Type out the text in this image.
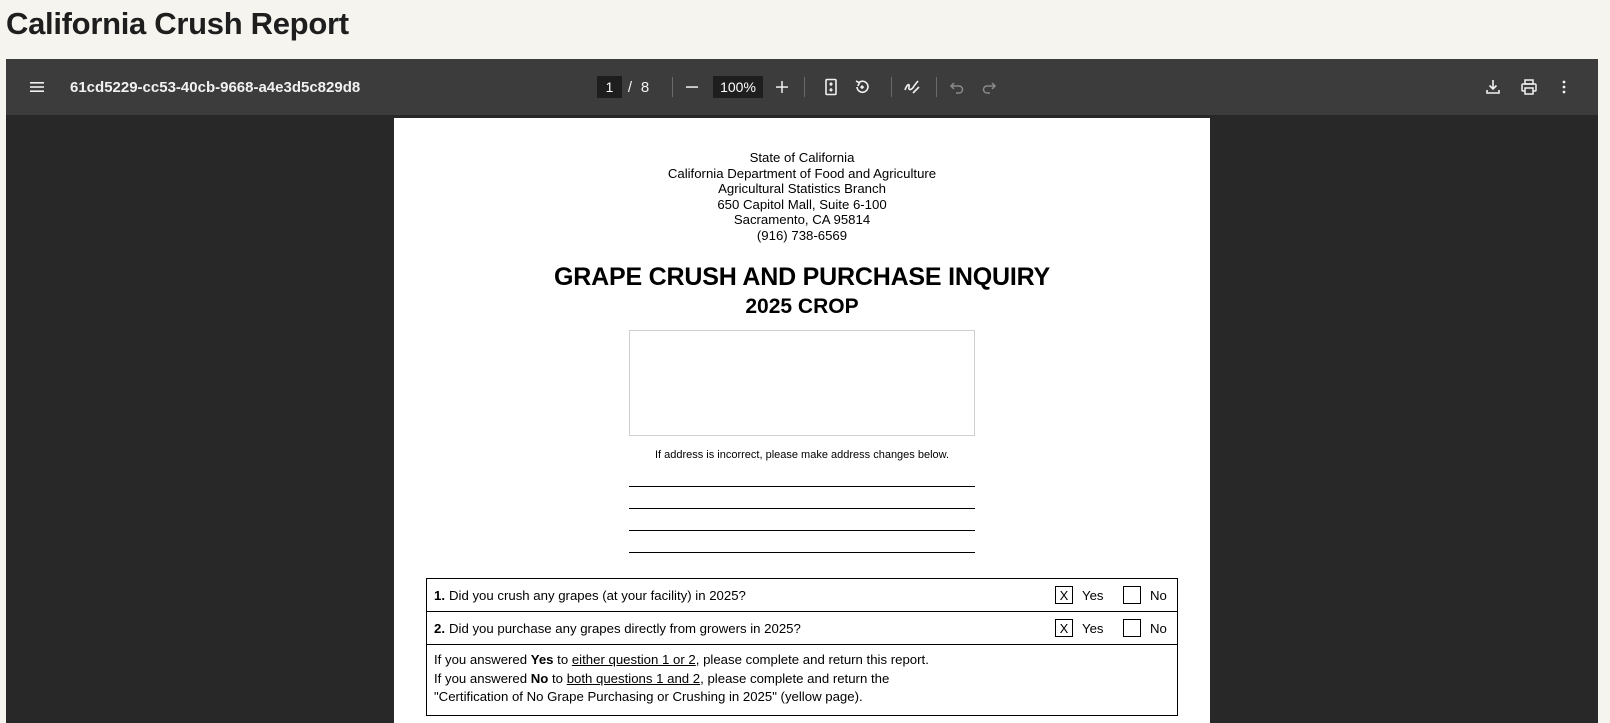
California Crush Report
61cd5229-cc53-40cb-9668-a4e3d5c829d8
1	/ 8
100%
State of California
California Department of Food and Agriculture
Agricultural Statistics Branch
650 Capitol Mall, Suite 6-100
Sacramento, CA 95814
(916) 738-6569
GRAPE CRUSH AND PURCHASE INQUIRY
2025 CROP
If address is incorrect, please make address changes below.
1. Did you crush any grapes (at your facility) in 2025?	X	Yes	No
2. Did you purchase any grapes directly from growers in 2025?	X	Yes	No
If you answered Yes to either question 1 or 2, please complete and return this report.
If you answered No to both questions 1 and 2, please complete and return the
"Certification of No Grape Purchasing or Crushing in 2025" (yellow page).
